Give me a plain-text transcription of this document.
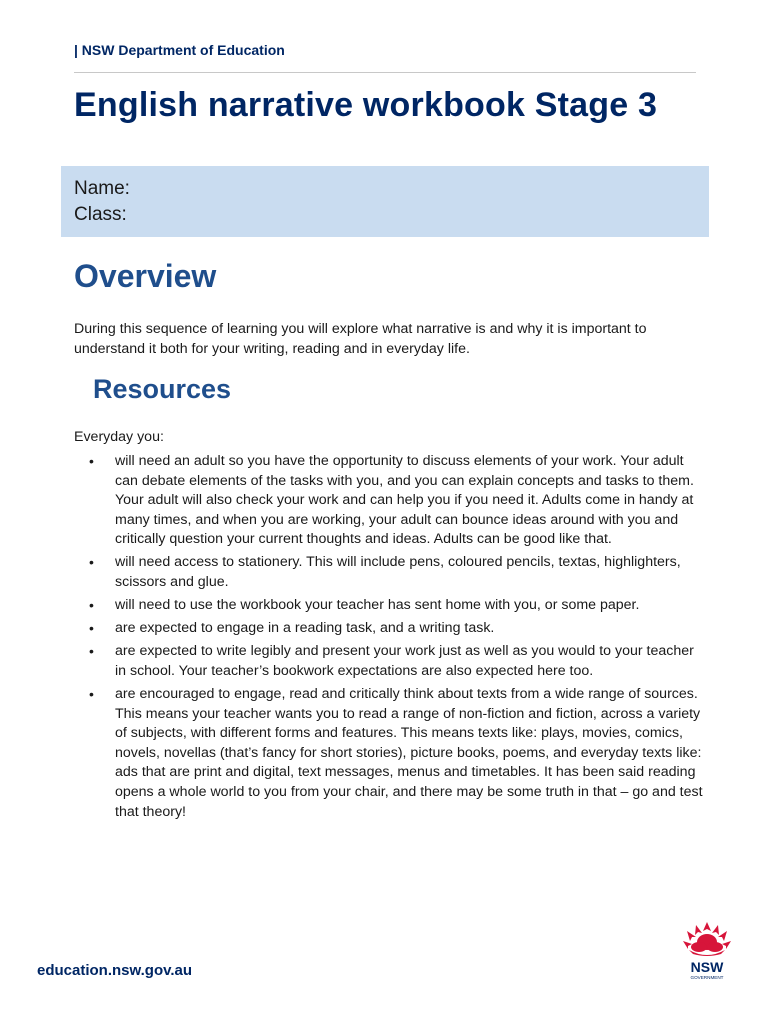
| NSW Department of Education
English narrative workbook Stage 3
Name:
Class:
Overview

During this sequence of learning you will explore what narrative is and why it is important to understand it both for your writing, reading and in everyday life.

Resources

Everyday you:

• will need an adult so you have the opportunity to discuss elements of your work. Your adult can debate elements of the tasks with you, and you can explain concepts and tasks to them. Your adult will also check your work and can help you if you need it. Adults come in handy at many times, and when you are working, your adult can bounce ideas around with you and critically question your current thoughts and ideas. Adults can be good like that.
• will need access to stationery. This will include pens, coloured pencils, textas, highlighters, scissors and glue.
• will need to use the workbook your teacher has sent home with you, or some paper.
• are expected to engage in a reading task, and a writing task.
• are expected to write legibly and present your work just as well as you would to your teacher in school. Your teacher’s bookwork expectations are also expected here too.
• are encouraged to engage, read and critically think about texts from a wide range of sources. This means your teacher wants you to read a range of non-fiction and fiction, across a variety of subjects, with different forms and features. This means texts like: plays, movies, comics, novels, novellas (that’s fancy for short stories), picture books, poems, and everyday texts like: ads that are print and digital, text messages, menus and timetables. It has been said reading opens a whole world to you from your chair, and there may be some truth in that – go and test that theory!
education.nsw.gov.au	NSW
GOVERNMENT
